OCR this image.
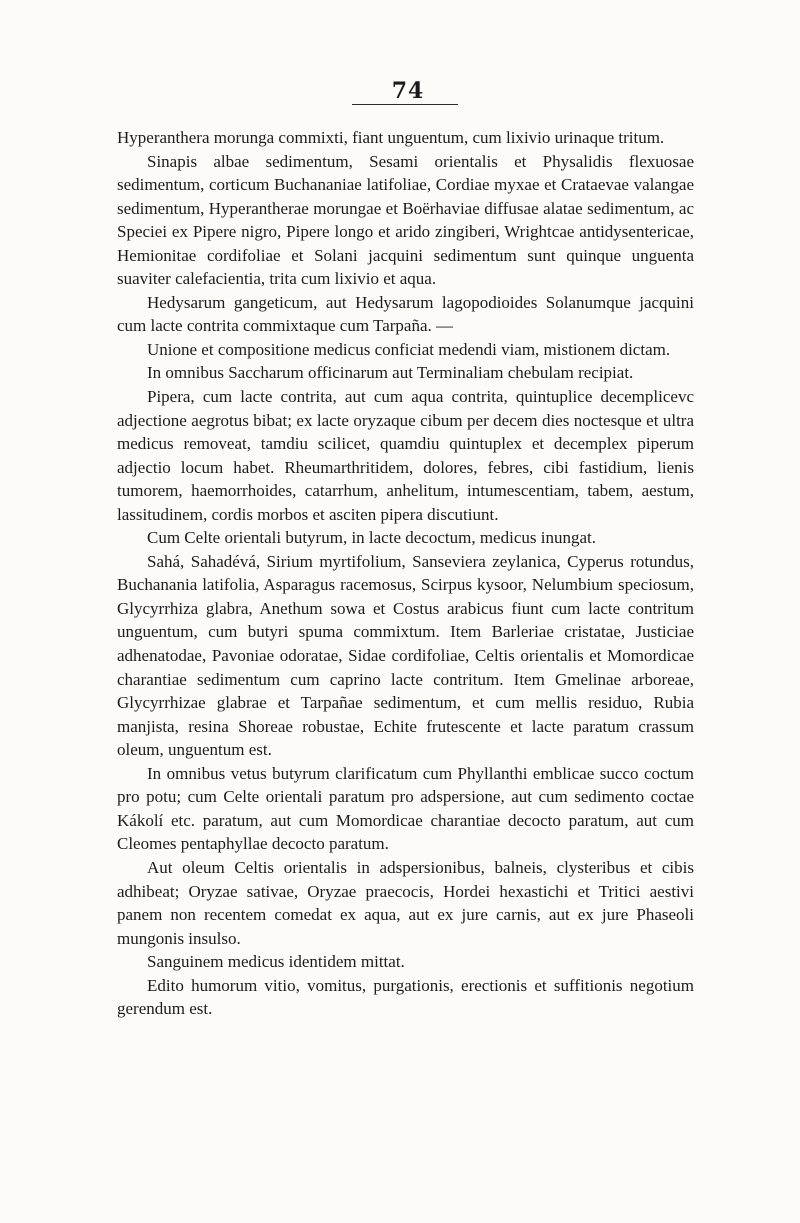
74

Hyperanthera morunga commixti, fiant unguentum, cum lixivio urinaque tritum.

Sinapis albae sedimentum, Sesami orientalis et Physalidis flexuosae sedimentum, corticum Buchananiae latifoliae, Cordiae myxae et Crataevae valangae sedimentum, Hyperantherae morungae et Boërhaviae diffusae alatae sedimentum, ac Speciei ex Pipere nigro, Pipere longo et arido zingiberi, Wrightcae antidysentericae, Hemionitae cordifoliae et Solani jacquini sedimentum sunt quinque unguenta suaviter calefacientia, trita cum lixivio et aqua.

Hedysarum gangeticum, aut Hedysarum lagopodioides Solanumque jacquini cum lacte contrita commixtaque cum Tarpaña. —

Unione et compositione medicus conficiat medendi viam, mistionem dictam.

In omnibus Saccharum officinarum aut Terminaliam chebulam recipiat.

Pipera, cum lacte contrita, aut cum aqua contrita, quintuplice decemplicevc adjectione aegrotus bibat; ex lacte oryzaque cibum per decem dies noctesque et ultra medicus removeat, tamdiu scilicet, quamdiu quintuplex et decemplex piperum adjectio locum habet. Rheumarthritidem, dolores, febres, cibi fastidium, lienis tumorem, haemorrhoides, catarrhum, anhelitum, intumescentiam, tabem, aestum, lassitudinem, cordis morbos et asciten pipera discutiunt.

Cum Celte orientali butyrum, in lacte decoctum, medicus inungat.

Sahá, Sahadévá, Sirium myrtifolium, Sanseviera zeylanica, Cyperus rotundus, Buchanania latifolia, Asparagus racemosus, Scirpus kysoor, Nelumbium speciosum, Glycyrrhiza glabra, Anethum sowa et Costus arabicus fiunt cum lacte contritum unguentum, cum butyri spuma commixtum. Item Barleriae cristatae, Justiciae adhenatodae, Pavoniae odoratae, Sidae cordifoliae, Celtis orientalis et Momordicae charantiae sedimentum cum caprino lacte contritum. Item Gmelinae arboreae, Glycyrrhizae glabrae et Tarpañae sedimentum, et cum mellis residuo, Rubia manjista, resina Shoreae robustae, Echite frutescente et lacte paratum crassum oleum, unguentum est.

In omnibus vetus butyrum clarificatum cum Phyllanthi emblicae succo coctum pro potu; cum Celte orientali paratum pro adspersione, aut cum sedimento coctae Kákolí etc. paratum, aut cum Momordicae charantiae decocto paratum, aut cum Cleomes pentaphyllae decocto paratum.

Aut oleum Celtis orientalis in adspersionibus, balneis, clysteribus et cibis adhibeat; Oryzae sativae, Oryzae praecocis, Hordei hexastichi et Tritici aestivi panem non recentem comedat ex aqua, aut ex jure carnis, aut ex jure Phaseoli mungonis insulso.

Sanguinem medicus identidem mittat.

Edito humorum vitio, vomitus, purgationis, erectionis et suffitionis negotium gerendum est.
